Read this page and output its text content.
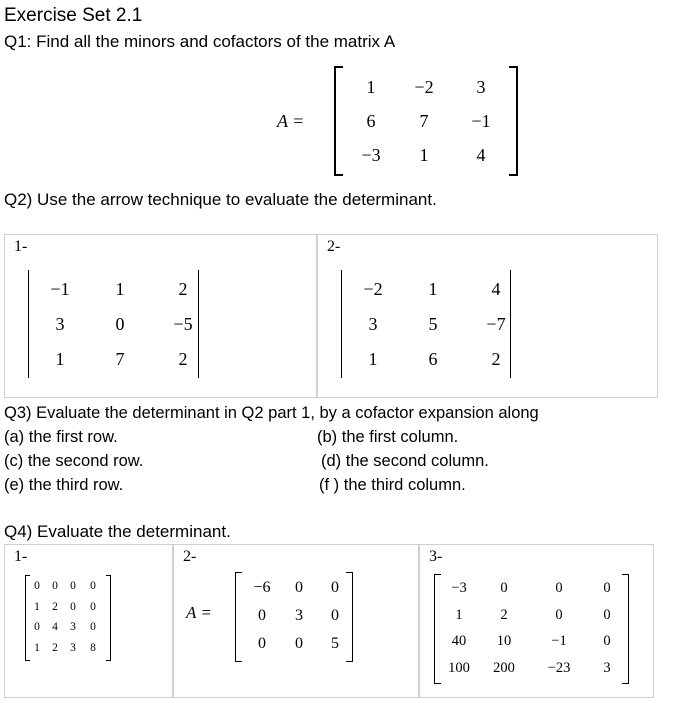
Exercise Set 2.1
Q1: Find all the minors and cofactors of the matrix A
A =
1	−2	3
6	7	−1
−3	1	4
Q2) Use the arrow technique to evaluate the determinant.
1-	2-
−1	1	2
3	0	−5
1	7	2
−2	1	4
3	5	−7
1	6	2
Q3) Evaluate the determinant in Q2 part 1, by a cofactor expansion along
(a) the first row.	(b) the first column.
(c) the second row.	(d) the second column.
(e) the third row.	(f ) the third column.
Q4) Evaluate the determinant.
1-	2-	3-
0	0	0	0
1	2	0	0
0	4	3	0
1	2	3	8
A =
−6	0	0
0	3	0
0	0	5
−3	0	0	0
1	2	0	0
40	10	−1	0
100	200	−23	3
